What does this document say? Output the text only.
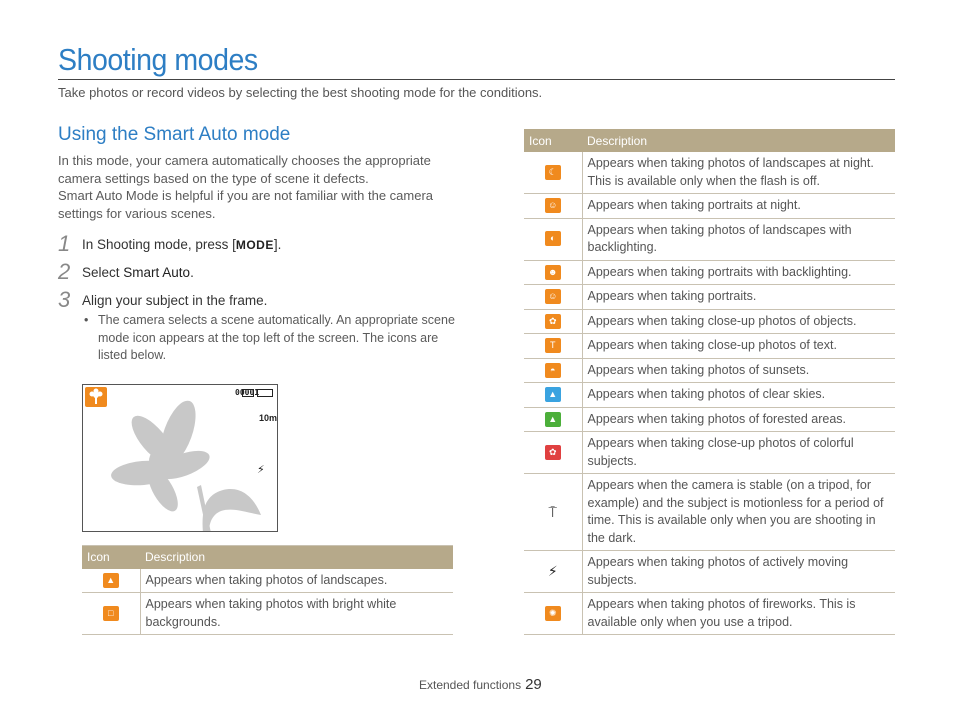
Shooting modes
Take photos or record videos by selecting the best shooting mode for the conditions.
Using the Smart Auto mode

In this mode, your camera automatically chooses the appropriate camera settings based on the type of scene it defects.

Smart Auto Mode is helpful if you are not familiar with the camera settings for various scenes.

1 In Shooting mode, press [MODE].
2 Select Smart Auto.
3 Align your subject in the frame.
• The camera selects a scene automatically. An appropriate scene mode icon appears at the top left of the screen. The icons are listed below.
00001
10m
⚡
Icon	Description

▲	Appears when taking photos of landscapes.

□	Appears when taking photos with bright white backgrounds.
Icon	Description

☾	Appears when taking photos of landscapes at night. This is available only when the flash is off.

☺	Appears when taking portraits at night.

◐	Appears when taking photos of landscapes with backlighting.

☻	Appears when taking portraits with backlighting.

☺	Appears when taking portraits.

✿	Appears when taking close-up photos of objects.

T	Appears when taking close-up photos of text.

◓	Appears when taking photos of sunsets.

▲	Appears when taking photos of clear skies.

▲	Appears when taking photos of forested areas.

✿	Appears when taking close-up photos of colorful subjects.

⍑	Appears when the camera is stable (on a tripod, for example) and the subject is motionless for a period of time. This is available only when you are shooting in the dark.

⚡	Appears when taking photos of actively moving subjects.

✺	Appears when taking photos of fireworks. This is available only when you use a tripod.
Extended functions 29
